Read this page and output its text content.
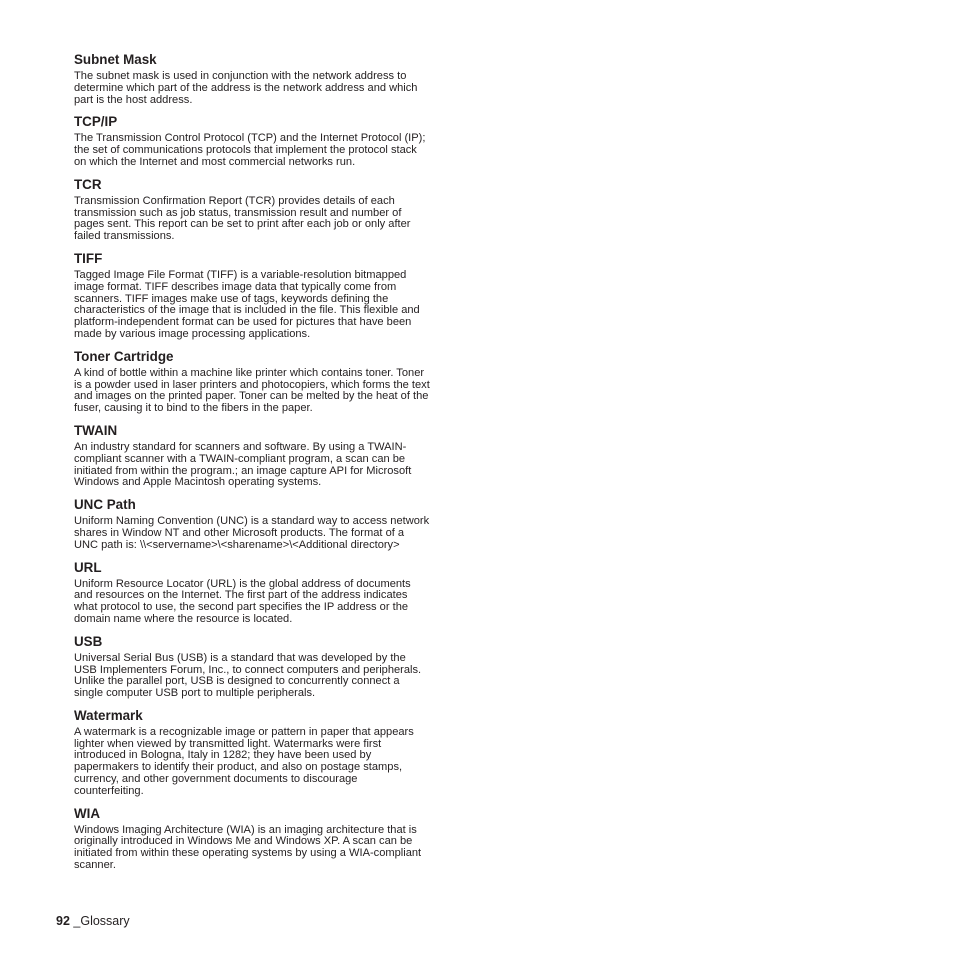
Subnet Mask

The subnet mask is used in conjunction with the network address to
determine which part of the address is the network address and which
part is the host address.

TCP/IP

The Transmission Control Protocol (TCP) and the Internet Protocol (IP);
the set of communications protocols that implement the protocol stack
on which the Internet and most commercial networks run.

TCR

Transmission Confirmation Report (TCR) provides details of each
transmission such as job status, transmission result and number of
pages sent. This report can be set to print after each job or only after
failed transmissions.

TIFF

Tagged Image File Format (TIFF) is a variable-resolution bitmapped
image format. TIFF describes image data that typically come from
scanners. TIFF images make use of tags, keywords defining the
characteristics of the image that is included in the file. This flexible and
platform-independent format can be used for pictures that have been
made by various image processing applications.

Toner Cartridge

A kind of bottle within a machine like printer which contains toner. Toner
is a powder used in laser printers and photocopiers, which forms the text
and images on the printed paper. Toner can be melted by the heat of the
fuser, causing it to bind to the fibers in the paper.

TWAIN

An industry standard for scanners and software. By using a TWAIN-
compliant scanner with a TWAIN-compliant program, a scan can be
initiated from within the program.; an image capture API for Microsoft
Windows and Apple Macintosh operating systems.

UNC Path

Uniform Naming Convention (UNC) is a standard way to access network
shares in Window NT and other Microsoft products. The format of a
UNC path is: \\<servername>\<sharename>\<Additional directory>

URL

Uniform Resource Locator (URL) is the global address of documents
and resources on the Internet. The first part of the address indicates
what protocol to use, the second part specifies the IP address or the
domain name where the resource is located.

USB

Universal Serial Bus (USB) is a standard that was developed by the
USB Implementers Forum, Inc., to connect computers and peripherals.
Unlike the parallel port, USB is designed to concurrently connect a
single computer USB port to multiple peripherals.

Watermark

A watermark is a recognizable image or pattern in paper that appears
lighter when viewed by transmitted light. Watermarks were first
introduced in Bologna, Italy in 1282; they have been used by
papermakers to identify their product, and also on postage stamps,
currency, and other government documents to discourage
counterfeiting.

WIA

Windows Imaging Architecture (WIA) is an imaging architecture that is
originally introduced in Windows Me and Windows XP. A scan can be
initiated from within these operating systems by using a WIA-compliant
scanner.

92 _Glossary
